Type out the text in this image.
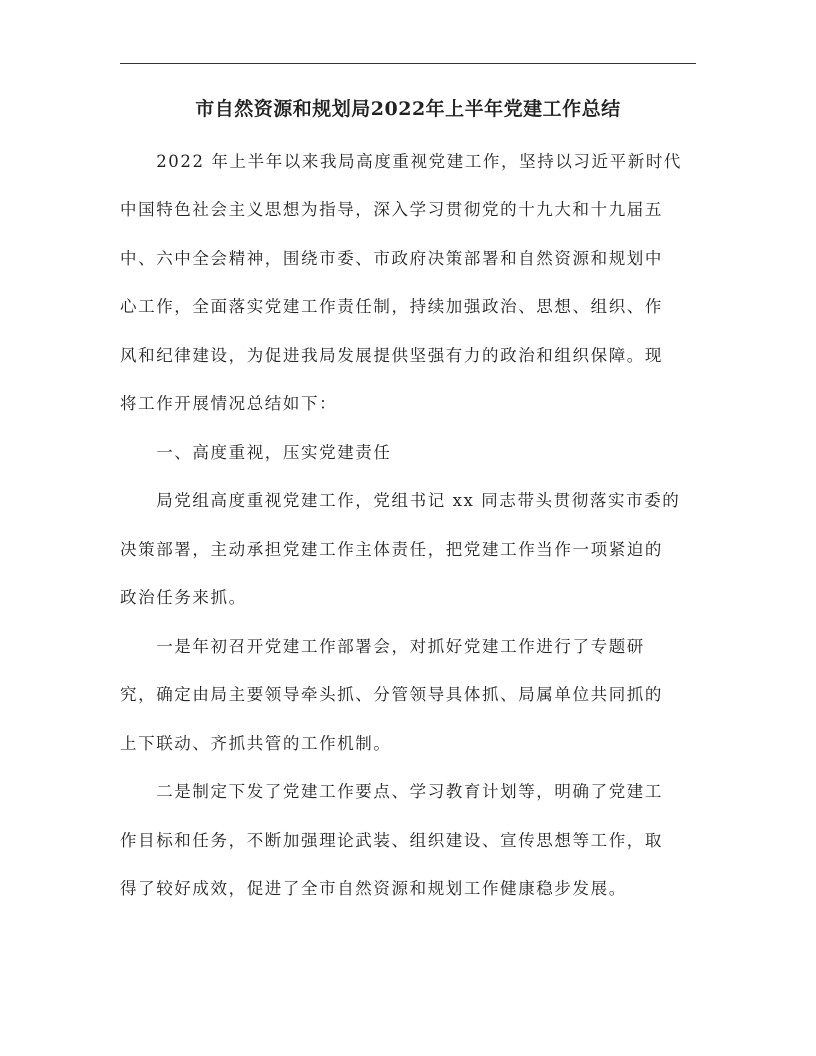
市自然资源和规划局2022年上半年党建工作总结
　　2022 年上半年以来我局高度重视党建工作，坚持以习近平新时代
中国特色社会主义思想为指导，深入学习贯彻党的十九大和十九届五
中、六中全会精神，围绕市委、市政府决策部署和自然资源和规划中
心工作，全面落实党建工作责任制，持续加强政治、思想、组织、作
风和纪律建设，为促进我局发展提供坚强有力的政治和组织保障。现
将工作开展情况总结如下：
　　一、高度重视，压实党建责任
　　局党组高度重视党建工作，党组书记 xx 同志带头贯彻落实市委的
决策部署，主动承担党建工作主体责任，把党建工作当作一项紧迫的
政治任务来抓。
　　一是年初召开党建工作部署会，对抓好党建工作进行了专题研
究，确定由局主要领导牵头抓、分管领导具体抓、局属单位共同抓的
上下联动、齐抓共管的工作机制。
　　二是制定下发了党建工作要点、学习教育计划等，明确了党建工
作目标和任务，不断加强理论武装、组织建设、宣传思想等工作，取
得了较好成效，促进了全市自然资源和规划工作健康稳步发展。
